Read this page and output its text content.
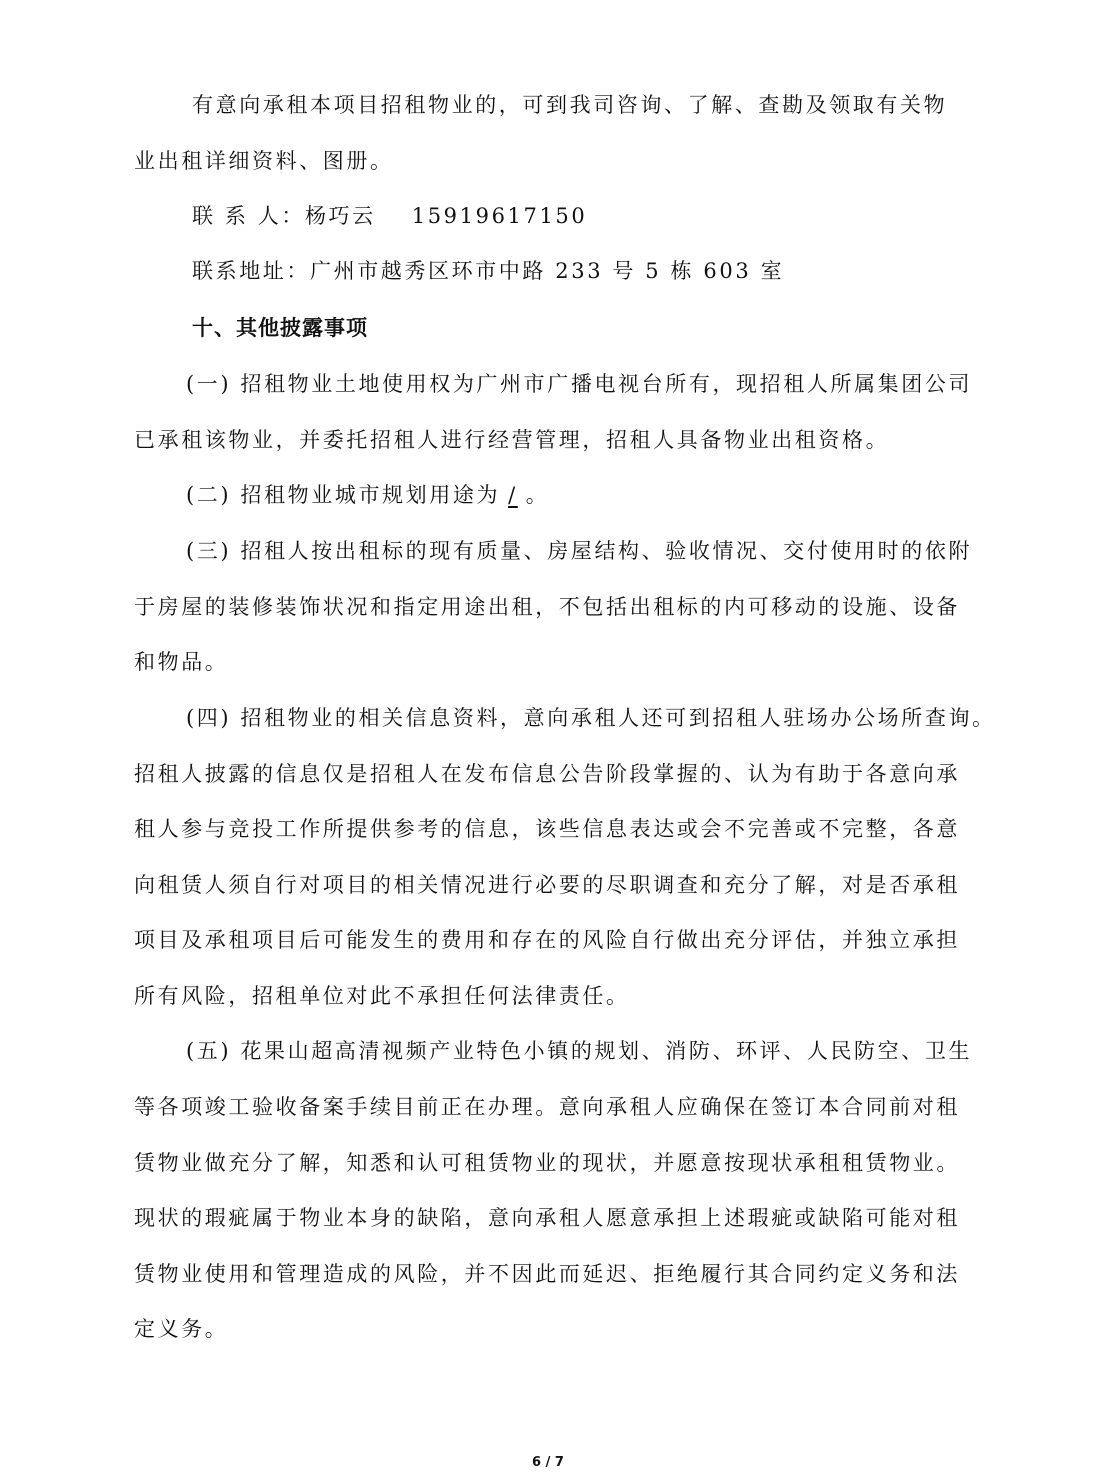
有意向承租本项目招租物业的，可到我司咨询、了解、查勘及领取有关物
业出租详细资料、图册。
联 系 人：杨巧云 15919617150
联系地址：广州市越秀区环市中路 233 号 5 栋 603 室
十、其他披露事项
(一) 招租物业土地使用权为广州市广播电视台所有，现招租人所属集团公司
已承租该物业，并委托招租人进行经营管理，招租人具备物业出租资格。
(二) 招租物业城市规划用途为 / 。
(三) 招租人按出租标的现有质量、房屋结构、验收情况、交付使用时的依附
于房屋的装修装饰状况和指定用途出租，不包括出租标的内可移动的设施、设备
和物品。
(四) 招租物业的相关信息资料，意向承租人还可到招租人驻场办公场所查询。
招租人披露的信息仅是招租人在发布信息公告阶段掌握的、认为有助于各意向承
租人参与竞投工作所提供参考的信息，该些信息表达或会不完善或不完整，各意
向租赁人须自行对项目的相关情况进行必要的尽职调查和充分了解，对是否承租
项目及承租项目后可能发生的费用和存在的风险自行做出充分评估，并独立承担
所有风险，招租单位对此不承担任何法律责任。
(五) 花果山超高清视频产业特色小镇的规划、消防、环评、人民防空、卫生
等各项竣工验收备案手续目前正在办理。意向承租人应确保在签订本合同前对租
赁物业做充分了解，知悉和认可租赁物业的现状，并愿意按现状承租租赁物业。
现状的瑕疵属于物业本身的缺陷，意向承租人愿意承担上述瑕疵或缺陷可能对租
赁物业使用和管理造成的风险，并不因此而延迟、拒绝履行其合同约定义务和法
定义务。
6 / 7
